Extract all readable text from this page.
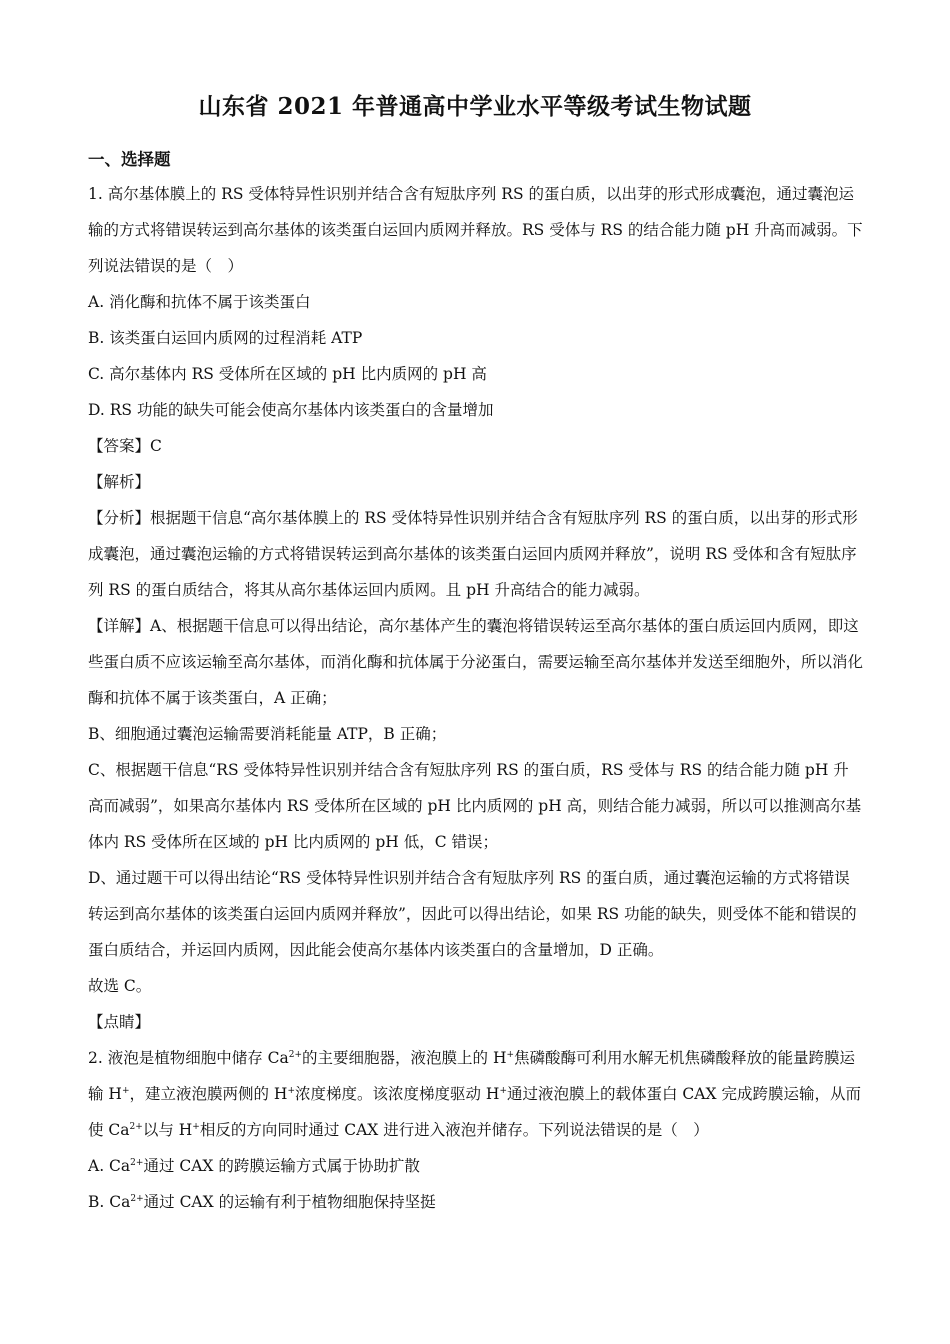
山东省 2021 年普通高中学业水平等级考试生物试题
一、选择题

1. 高尔基体膜上的 RS 受体特异性识别并结合含有短肽序列 RS 的蛋白质，以出芽的形式形成囊泡，通过囊泡运输的方式将错误转运到高尔基体的该类蛋白运回内质网并释放。RS 受体与 RS 的结合能力随 pH 升高而减弱。下列说法错误的是（　）

A. 消化酶和抗体不属于该类蛋白

B. 该类蛋白运回内质网的过程消耗 ATP

C. 高尔基体内 RS 受体所在区域的 pH 比内质网的 pH 高

D. RS 功能的缺失可能会使高尔基体内该类蛋白的含量增加

【答案】C

【解析】

【分析】根据题干信息“高尔基体膜上的 RS 受体特异性识别并结合含有短肽序列 RS 的蛋白质，以出芽的形式形成囊泡，通过囊泡运输的方式将错误转运到高尔基体的该类蛋白运回内质网并释放”，说明 RS 受体和含有短肽序列 RS 的蛋白质结合，将其从高尔基体运回内质网。且 pH 升高结合的能力减弱。

【详解】A、根据题干信息可以得出结论，高尔基体产生的囊泡将错误转运至高尔基体的蛋白质运回内质网，即这些蛋白质不应该运输至高尔基体，而消化酶和抗体属于分泌蛋白，需要运输至高尔基体并发送至细胞外，所以消化酶和抗体不属于该类蛋白，A 正确；

B、细胞通过囊泡运输需要消耗能量 ATP，B 正确；

C、根据题干信息“RS 受体特异性识别并结合含有短肽序列 RS 的蛋白质，RS 受体与 RS 的结合能力随 pH 升高而减弱”，如果高尔基体内 RS 受体所在区域的 pH 比内质网的 pH 高，则结合能力减弱，所以可以推测高尔基体内 RS 受体所在区域的 pH 比内质网的 pH 低，C 错误；

D、通过题干可以得出结论“RS 受体特异性识别并结合含有短肽序列 RS 的蛋白质，通过囊泡运输的方式将错误转运到高尔基体的该类蛋白运回内质网并释放”，因此可以得出结论，如果 RS 功能的缺失，则受体不能和错误的蛋白质结合，并运回内质网，因此能会使高尔基体内该类蛋白的含量增加，D 正确。

故选 C。

【点睛】

2. 液泡是植物细胞中储存 $Ca^{2+}$的主要细胞器，液泡膜上的 H+焦磷酸酶可利用水解无机焦磷酸释放的能量跨膜运输 H+，建立液泡膜两侧的 H+浓度梯度。该浓度梯度驱动 H+通过液泡膜上的载体蛋白 CAX 完成跨膜运输，从而使 $Ca^{2+}$以与 H+相反的方向同时通过 CAX 进行进入液泡并储存。下列说法错误的是（　）

A. $Ca^{2+}$通过 CAX 的跨膜运输方式属于协助扩散

B. $Ca^{2+}$通过 CAX 的运输有利于植物细胞保持坚挺
